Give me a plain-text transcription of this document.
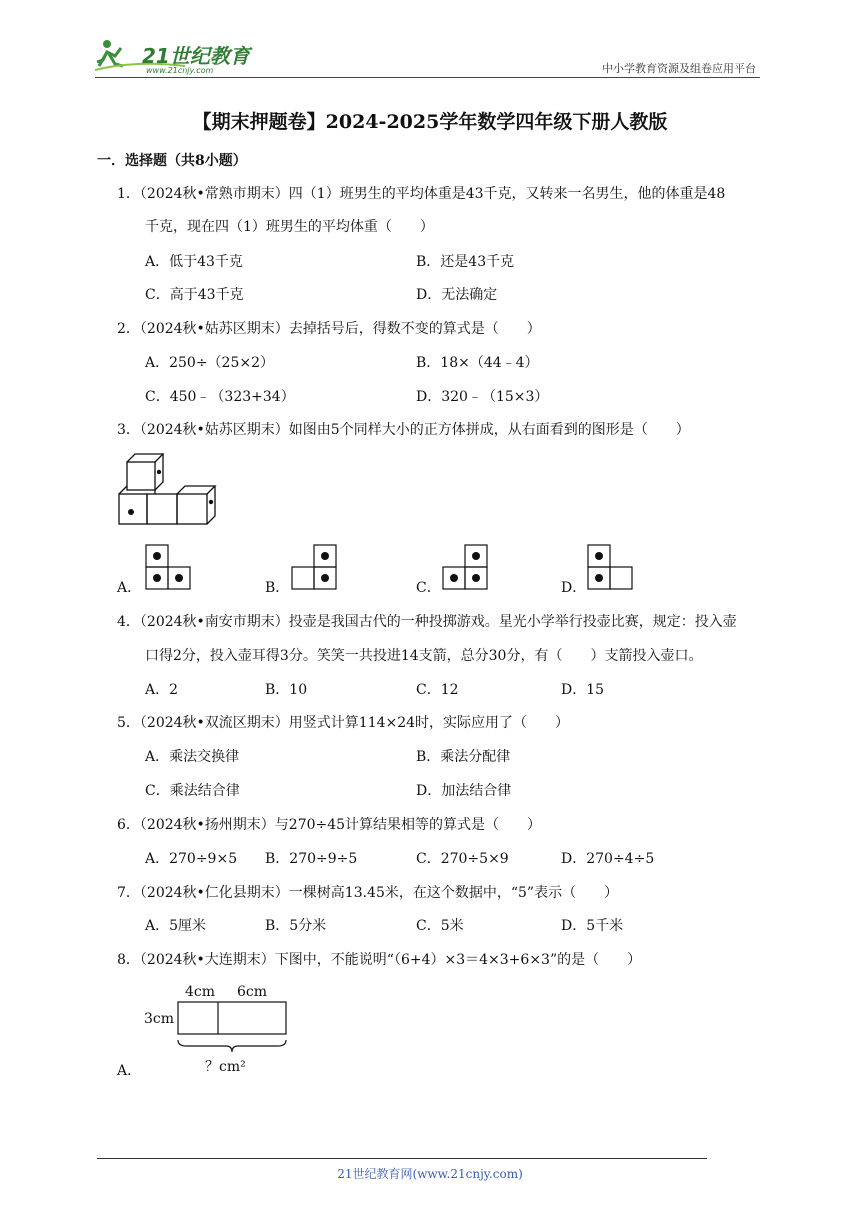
21世纪教育
www.21cnjy.com	中小学教育资源及组卷应用平台
【期末押题卷】2024-2025学年数学四年级下册人教版
一．选择题（共8小题）
1．（2024秋•常熟市期末）四（1）班男生的平均体重是43千克，又转来一名男生，他的体重是48
千克，现在四（1）班男生的平均体重（　　）
A．低于43千克	B．还是43千克
C．高于43千克	D．无法确定
2．（2024秋•姑苏区期末）去掉括号后，得数不变的算式是（　　）
A．250÷（25×2）	B．18×（44﹣4）
C．450﹣（323+34）	D．320﹣（15×3）
3．（2024秋•姑苏区期末）如图由5个同样大小的正方体拼成，从右面看到的图形是（　　）
A．	B．	C．	D．
4．（2024秋•南安市期末）投壶是我国古代的一种投掷游戏。星光小学举行投壶比赛，规定：投入壶
口得2分，投入壶耳得3分。笑笑一共投进14支箭，总分30分，有（　　）支箭投入壶口。
A．2	B．10	C．12	D．15
5．（2024秋•双流区期末）用竖式计算114×24时，实际应用了（　　）
A．乘法交换律	B．乘法分配律
C．乘法结合律	D．加法结合律
6．（2024秋•扬州期末）与270÷45计算结果相等的算式是（　　）
A．270÷9×5 B．270÷9÷5	C．270÷5×9	D．270÷4÷5
7．（2024秋•仁化县期末）一棵树高13.45米，在这个数据中，“5”表示（　　）
A．5厘米	B．5分米	C．5米	D．5千米
8．（2024秋•大连期末）下图中，不能说明“（6+4）×3＝4×3+6×3”的是（　　）
4cm 6cm
3cm
？cm²
A．
21世纪教育网(www.21cnjy.com)
